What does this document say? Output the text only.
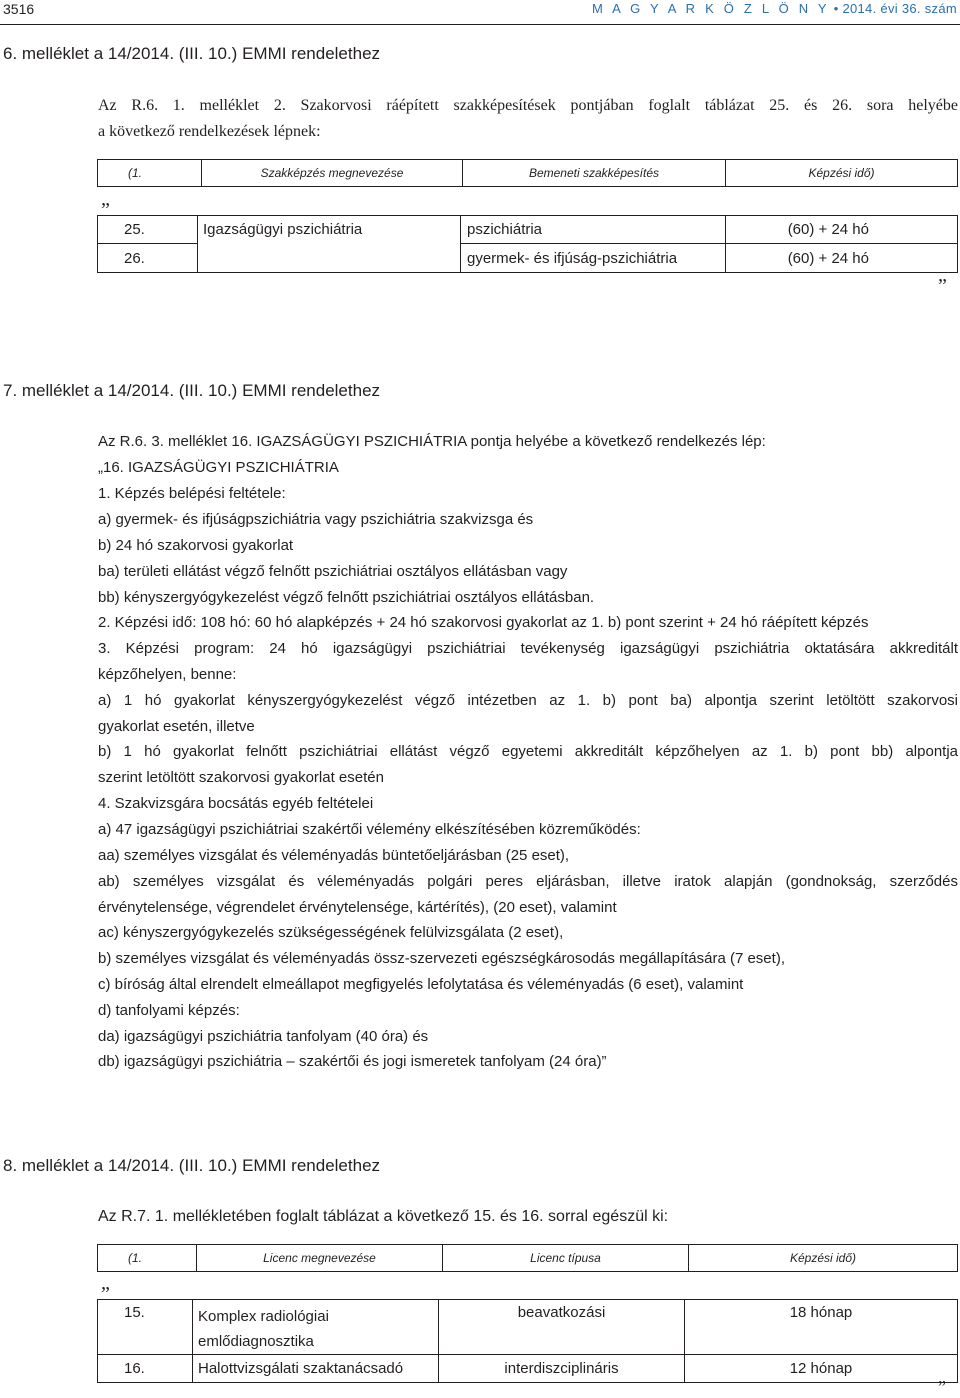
3516	M A G Y A R K Ö Z L Ö N Y • 2014. évi 36. szám
6. melléklet a 14/2014. (III. 10.) EMMI rendelethez
Az R.6. 1. melléklet 2. Szakorvosi ráépített szakképesítések pontjában foglalt táblázat 25. és 26. sora helyébe
a következő rendelkezések lépnek:
(1.	Szakképzés megnevezése	Bemeneti szakképesítés	Képzési idő)
„
25.	Igazságügyi pszichiátria	pszichiátria	(60) + 24 hó
26.		gyermek- és ifjúság-pszichiátria	(60) + 24 hó
”
7. melléklet a 14/2014. (III. 10.) EMMI rendelethez
Az R.6. 3. melléklet 16. IGAZSÁGÜGYI PSZICHIÁTRIA pontja helyébe a következő rendelkezés lép:
„16. IGAZSÁGÜGYI PSZICHIÁTRIA
1. Képzés belépési feltétele:
a) gyermek- és ifjúságpszichiátria vagy pszichiátria szakvizsga és
b) 24 hó szakorvosi gyakorlat
ba) területi ellátást végző felnőtt pszichiátriai osztályos ellátásban vagy
bb) kényszergyógykezelést végző felnőtt pszichiátriai osztályos ellátásban.
2. Képzési idő: 108 hó: 60 hó alapképzés + 24 hó szakorvosi gyakorlat az 1. b) pont szerint + 24 hó ráépített képzés
3. Képzési program: 24 hó igazságügyi pszichiátriai tevékenység igazságügyi pszichiátria oktatására akkreditált
képzőhelyen, benne:
a) 1 hó gyakorlat kényszergyógykezelést végző intézetben az 1. b) pont ba) alpontja szerint letöltött szakorvosi
gyakorlat esetén, illetve
b) 1 hó gyakorlat felnőtt pszichiátriai ellátást végző egyetemi akkreditált képzőhelyen az 1. b) pont bb) alpontja
szerint letöltött szakorvosi gyakorlat esetén
4. Szakvizsgára bocsátás egyéb feltételei
a) 47 igazságügyi pszichiátriai szakértői vélemény elkészítésében közreműködés:
aa) személyes vizsgálat és véleményadás büntetőeljárásban (25 eset),
ab) személyes vizsgálat és véleményadás polgári peres eljárásban, illetve iratok alapján (gondnokság, szerződés
érvénytelensége, végrendelet érvénytelensége, kártérítés), (20 eset), valamint
ac) kényszergyógykezelés szükségességének felülvizsgálata (2 eset),
b) személyes vizsgálat és véleményadás össz-szervezeti egészségkárosodás megállapítására (7 eset),
c) bíróság által elrendelt elmeállapot megfigyelés lefolytatása és véleményadás (6 eset), valamint
d) tanfolyami képzés:
da) igazságügyi pszichiátria tanfolyam (40 óra) és
db) igazságügyi pszichiátria – szakértői és jogi ismeretek tanfolyam (24 óra)”
8. melléklet a 14/2014. (III. 10.) EMMI rendelethez
Az R.7. 1. mellékletében foglalt táblázat a következő 15. és 16. sorral egészül ki:
(1.	Licenc megnevezése	Licenc típusa	Képzési idő)
„
15.	Komplex radiológiai
emlődiagnosztika	beavatkozási	18 hónap
16.	Halottvizsgálati szaktanácsadó	interdiszciplináris	12 hónap
”
